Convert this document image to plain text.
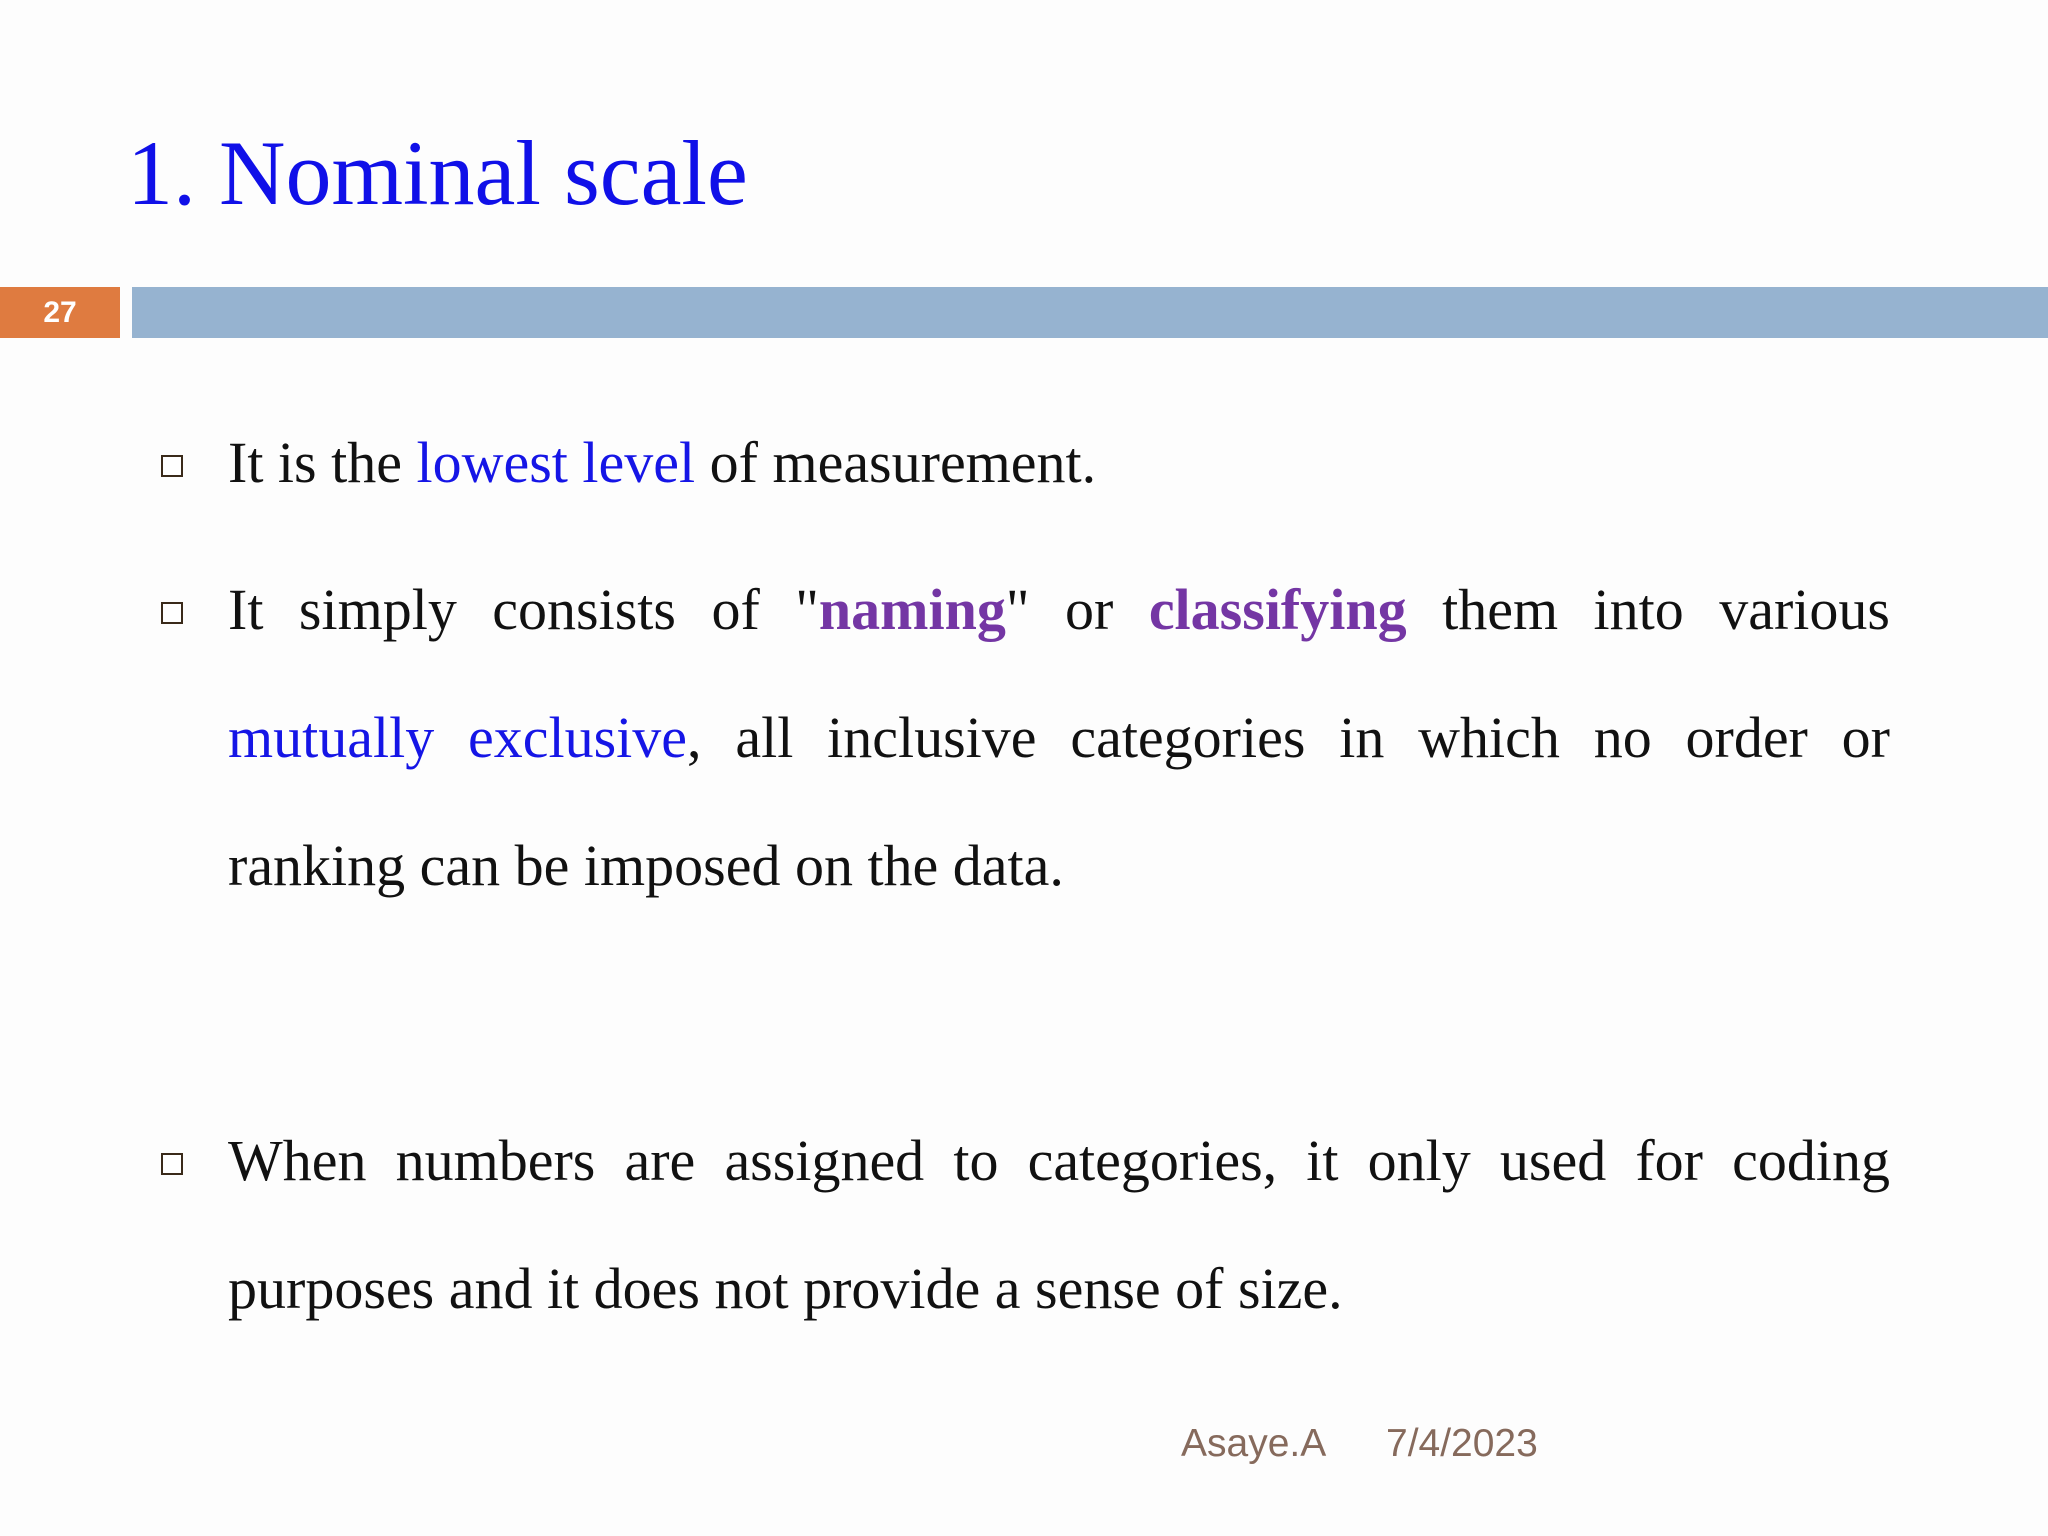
1. Nominal scale
27

It is the lowest level of measurement.

It simply consists of "naming" or classifying them into various mutually exclusive, all inclusive categories in which no order or ranking can be imposed on the data.

When numbers are assigned to categories, it only used for coding purposes and it does not provide a sense of size.

Asaye.A 7/4/2023
